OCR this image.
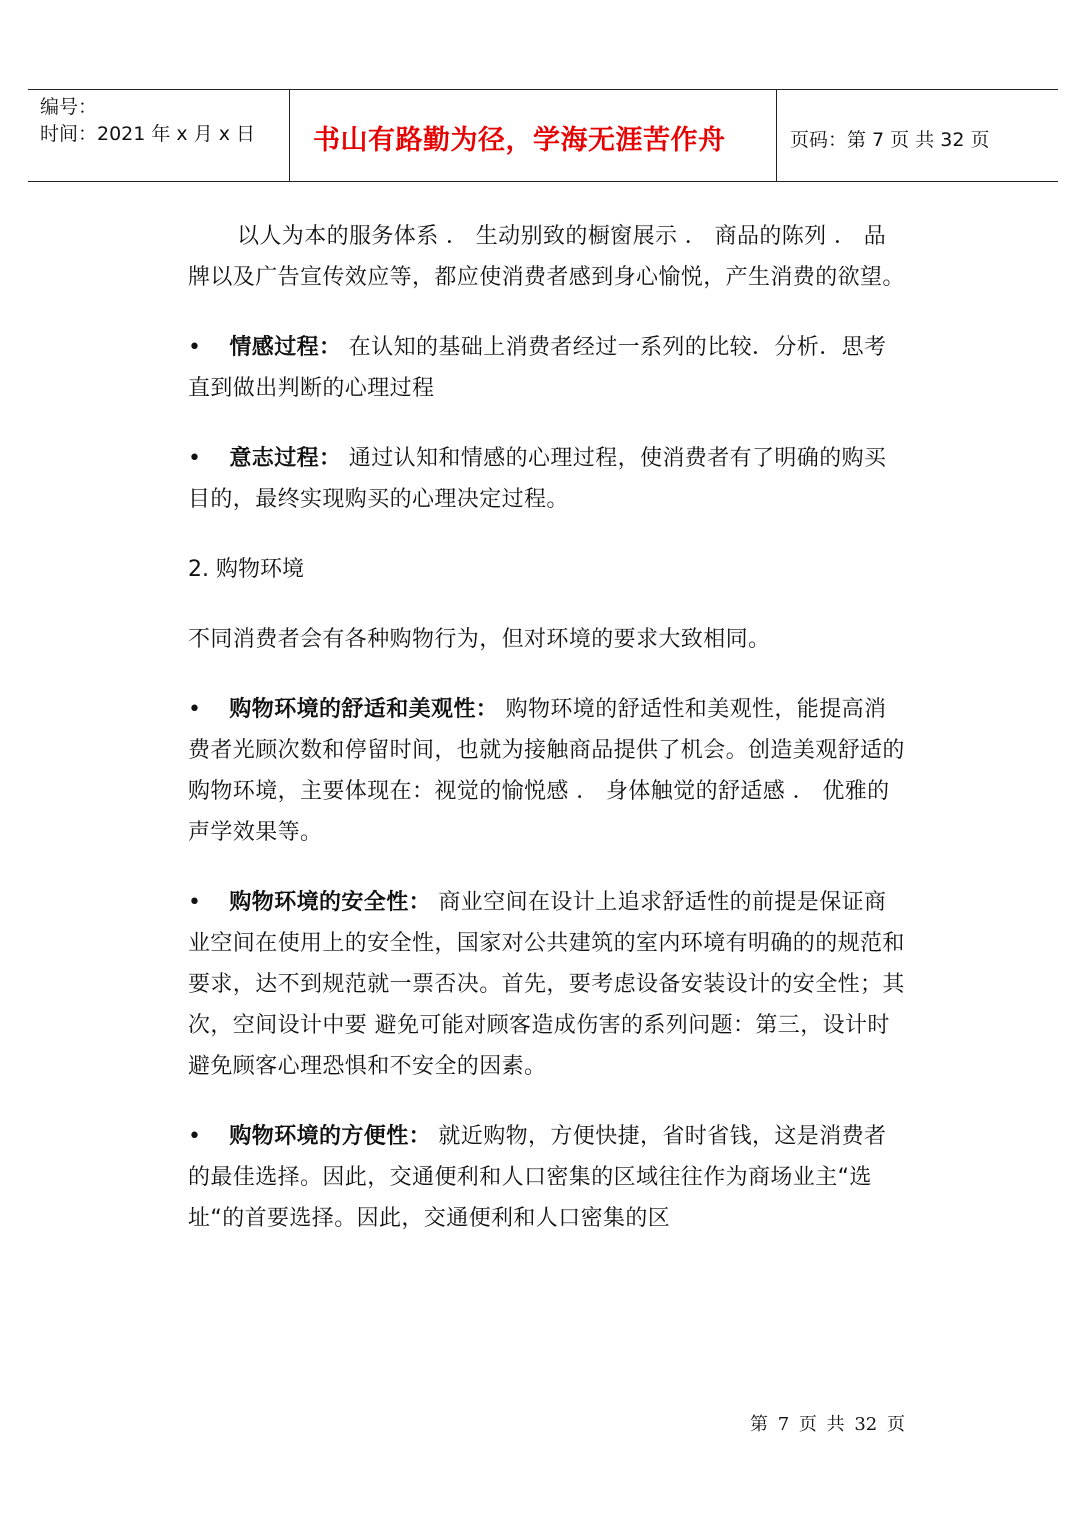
编号：
时间：2021 年 x 月 x 日 书山有路勤为径，学海无涯苦作舟	页码：第 7 页 共 32 页

以人为本的服务体系 ． 生动别致的橱窗展示 ． 商品的陈列 ． 品牌以及广告宣传效应等，都应使消费者感到身心愉悦，产生消费的欲望。

• 情感过程： 在认知的基础上消费者经过一系列的比较．分析．思考直到做出判断的心理过程

• 意志过程： 通过认知和情感的心理过程，使消费者有了明确的购买目的，最终实现购买的心理决定过程。

2. 购物环境

不同消费者会有各种购物行为，但对环境的要求大致相同。

• 购物环境的舒适和美观性： 购物环境的舒适性和美观性，能提高消费者光顾次数和停留时间，也就为接触商品提供了机会。创造美观舒适的购物环境，主要体现在：视觉的愉悦感 ． 身体触觉的舒适感 ． 优雅的声学效果等。

• 购物环境的安全性： 商业空间在设计上追求舒适性的前提是保证商业空间在使用上的安全性，国家对公共建筑的室内环境有明确的的规范和要求，达不到规范就一票否决。首先，要考虑设备安装设计的安全性；其次，空间设计中要 避免可能对顾客造成伤害的系列问题：第三，设计时避免顾客心理恐惧和不安全的因素。

• 购物环境的方便性： 就近购物，方便快捷，省时省钱，这是消费者的最佳选择。因此，交通便利和人口密集的区域往往作为商场业主“选址“的首要选择。因此，交通便利和人口密集的区

第 7 页 共 32 页
